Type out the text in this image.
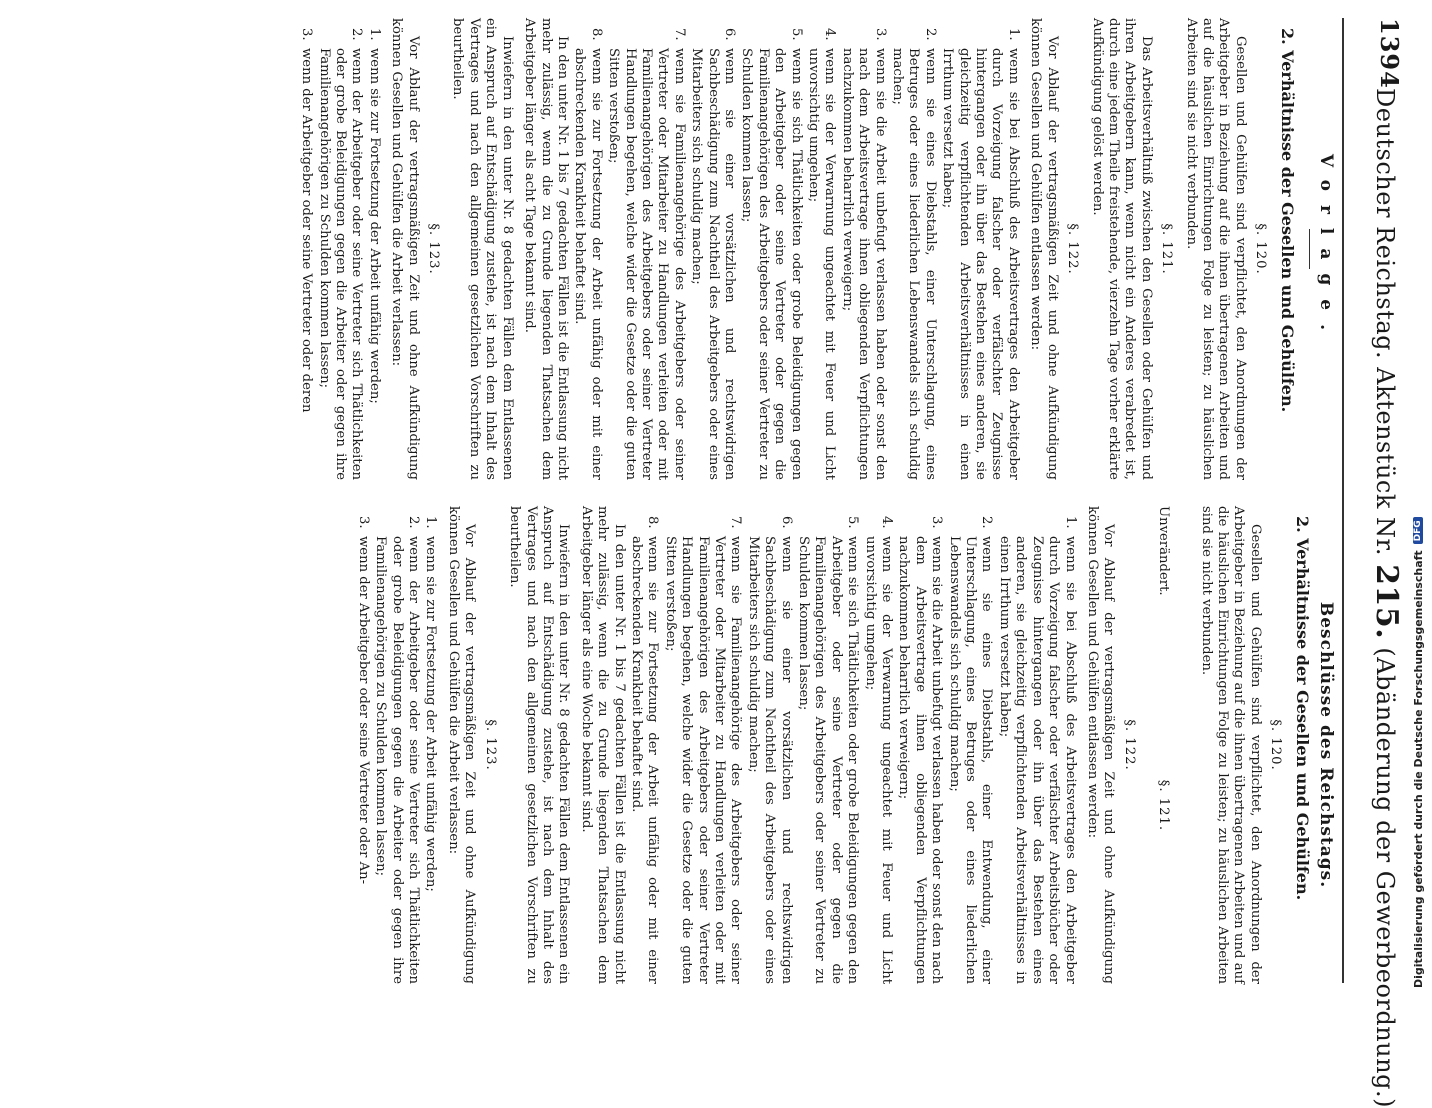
1394
Deutscher Reichstag. Aktenstück Nr. 215. (Abänderung der Gewerbeordnung.)
Vorlage.
2. Verhältnisse der Gesellen und Gehülfen.
§. 120.
Gesellen und Gehülfen sind verpflichtet, den Anordnungen der Arbeitgeber in Beziehung auf die ihnen übertragenen Arbeiten und auf die häuslichen Einrichtungen Folge zu leisten; zu häuslichen Arbeiten sind sie nicht verbunden.
§. 121.
Das Arbeitsverhältniß zwischen den Gesellen oder Gehülfen und ihren Arbeitgebern kann, wenn nicht ein Anderes verabredet ist, durch eine jedem Theile freistehende, vierzehn Tage vorher erklärte Aufkündigung gelöst werden.
§. 122.
Vor Ablauf der vertragsmäßigen Zeit und ohne Aufkündigung können Gesellen und Gehülfen entlassen werden:
1.wenn sie bei Abschluß des Arbeitsvertrages den Arbeitgeber durch Vorzeigung falscher oder verfälschter Zeugnisse hintergangen oder ihn über das Bestehen eines anderen, sie gleichzeitig verpflichtenden Arbeitsverhältnisses in einen Irrthum versetzt haben;
2.wenn sie eines Diebstahls, einer Unterschlagung, eines Betruges oder eines liederlichen Lebenswandels sich schuldig machen;
3.wenn sie die Arbeit unbefugt verlassen haben oder sonst den nach dem Arbeitsvertrage ihnen obliegenden Verpflichtungen nachzukommen beharrlich verweigern;
4.wenn sie der Verwarnung ungeachtet mit Feuer und Licht unvorsichtig umgehen;
5.wenn sie sich Thätlichkeiten oder grobe Beleidigungen gegen den Arbeitgeber oder seine Vertreter oder gegen die Familienangehörigen des Arbeitgebers oder seiner Vertreter zu Schulden kommen lassen;
6.wenn sie einer vorsätzlichen und rechtswidrigen Sachbeschädigung zum Nachtheil des Arbeitgebers oder eines Mitarbeiters sich schuldig machen;
7.wenn sie Familienangehörige des Arbeitgebers oder seiner Vertreter oder Mitarbeiter zu Handlungen verleiten oder mit Familienangehörigen des Arbeitgebers oder seiner Vertreter Handlungen begehen, welche wider die Gesetze oder die guten Sitten verstoßen;
8.wenn sie zur Fortsetzung der Arbeit unfähig oder mit einer abschreckenden Krankheit behaftet sind.
In den unter Nr. 1 bis 7 gedachten Fällen ist die Entlassung nicht mehr zulässig, wenn die zu Grunde liegenden Thatsachen dem Arbeitgeber länger als acht Tage bekannt sind.
Inwiefern in den unter Nr. 8 gedachten Fällen dem Entlassenen ein Anspruch auf Entschädigung zustehe, ist nach dem Inhalt des Vertrages und nach den allgemeinen gesetzlichen Vorschriften zu beurtheilen.
§. 123.
Vor Ablauf der vertragsmäßigen Zeit und ohne Aufkündigung können Gesellen und Gehülfen die Arbeit verlassen:
1.wenn sie zur Fortsetzung der Arbeit unfähig werden;
2.wenn der Arbeitgeber oder seine Vertreter sich Thätlichkeiten oder grobe Beleidigungen gegen die Arbeiter oder gegen ihre Familienangehörigen zu Schulden kommen lassen;
3.wenn der Arbeitgeber oder seine Vertreter oder deren
Beschlüsse des Reichstags.
2. Verhältnisse der Gesellen und Gehülfen.
§. 120.
Gesellen und Gehülfen sind verpflichtet, den Anordnungen der Arbeitgeber in Beziehung auf die ihnen übertragenen Arbeiten und auf die häuslichen Einrichtungen Folge zu leisten; zu häuslichen Arbeiten sind sie nicht verbunden.
Unverändert. §. 121.
§. 122.
Vor Ablauf der vertragsmäßigen Zeit und ohne Aufkündigung können Gesellen und Gehülfen entlassen werden:
1.wenn sie bei Abschluß des Arbeitsvertrages den Arbeitgeber durch Vorzeigung falscher oder verfälschter Arbeitsbücher oder Zeugnisse hintergangen oder ihn über das Bestehen eines anderen, sie gleichzeitig verpflichtenden Arbeitsverhältnisses in einen Irrthum versetzt haben;
2.wenn sie eines Diebstahls, einer Entwendung, einer Unterschlagung, eines Betruges oder eines liederlichen Lebenswandels sich schuldig machen;
3.wenn sie die Arbeit unbefugt verlassen haben oder sonst den nach dem Arbeitsvertrage ihnen obliegenden Verpflichtungen nachzukommen beharrlich verweigern;
4.wenn sie der Verwarnung ungeachtet mit Feuer und Licht unvorsichtig umgehen;
5.wenn sie sich Thätlichkeiten oder grobe Beleidigungen gegen den Arbeitgeber oder seine Vertreter oder gegen die Familienangehörigen des Arbeitgebers oder seiner Vertreter zu Schulden kommen lassen;
6.wenn sie einer vorsätzlichen und rechtswidrigen Sachbeschädigung zum Nachtheil des Arbeitgebers oder eines Mitarbeiters sich schuldig machen;
7.wenn sie Familienangehörige des Arbeitgebers oder seiner Vertreter oder Mitarbeiter zu Handlungen verleiten oder mit Familienangehörigen des Arbeitgebers oder seiner Vertreter Handlungen begehen, welche wider die Gesetze oder die guten Sitten verstoßen;
8.wenn sie zur Fortsetzung der Arbeit unfähig oder mit einer abschreckenden Krankheit behaftet sind.
In den unter Nr. 1 bis 7 gedachten Fällen ist die Entlassung nicht mehr zulässig, wenn die zu Grunde liegenden Thatsachen dem Arbeitgeber länger als eine Woche bekannt sind.
Inwiefern in den unter Nr. 8 gedachten Fällen dem Entlassenen ein Anspruch auf Entschädigung zustehe, ist nach dem Inhalt des Vertrages und nach den allgemeinen gesetzlichen Vorschriften zu beurtheilen.
§. 123.
Vor Ablauf der vertragsmäßigen Zeit und ohne Aufkündigung können Gesellen und Gehülfen die Arbeit verlassen:
1.wenn sie zur Fortsetzung der Arbeit unfähig werden;
2.wenn der Arbeitgeber oder seine Vertreter sich Thätlichkeiten oder grobe Beleidigungen gegen die Arbeiter oder gegen ihre Familienangehörigen zu Schulden kommen lassen;
3.wenn der Arbeitgeber oder seine Vertreter oder An-	Digitalisierung gefördert durch die Deutsche Forschungsgemeinschaft
DFG
